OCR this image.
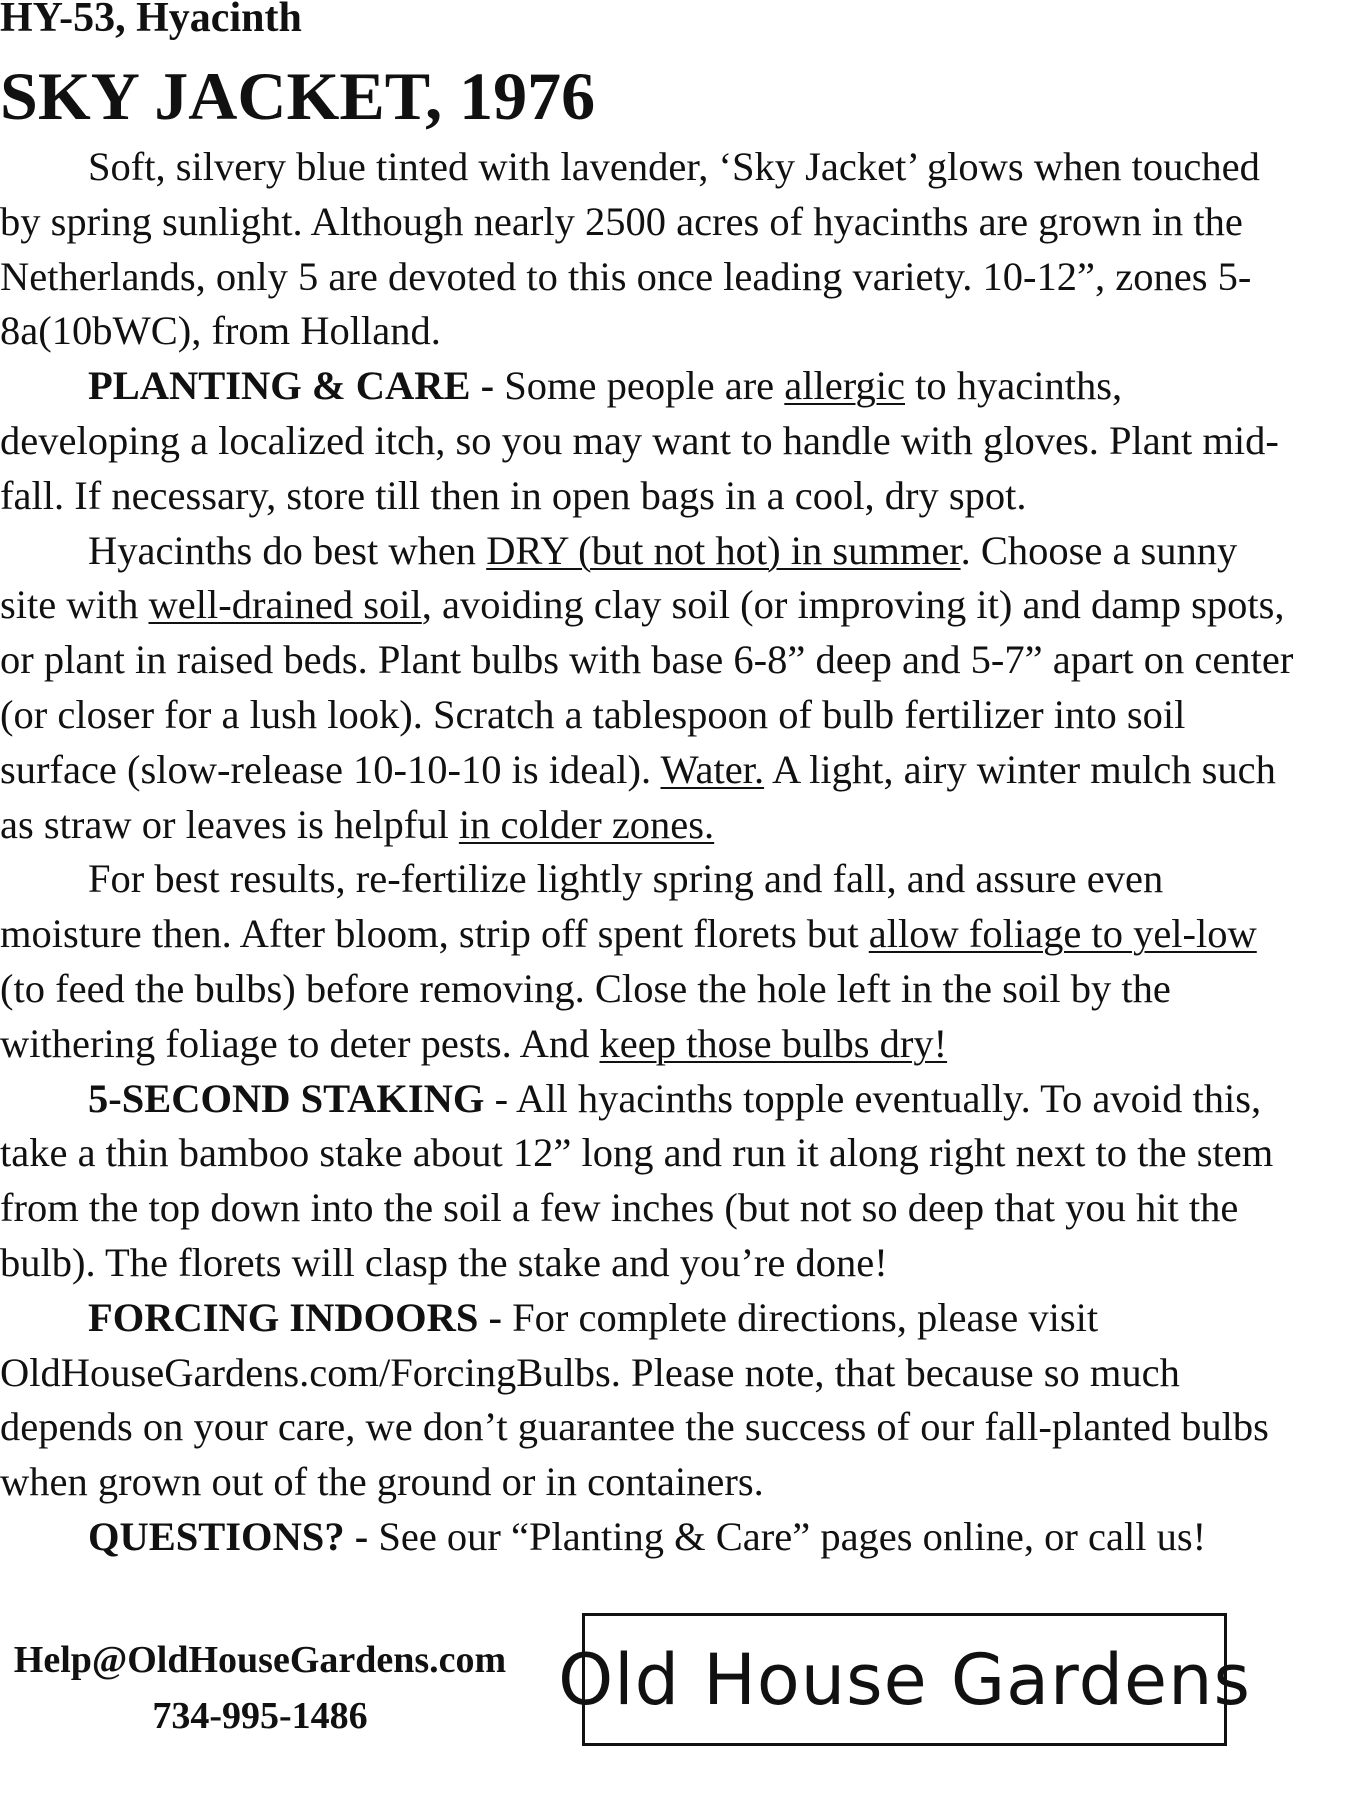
HY-53, Hyacinth
SKY JACKET, 1976

Soft, silvery blue tinted with lavender, ‘Sky Jacket’ glows when touched by spring sunlight. Although nearly 2500 acres of hyacinths are grown in the Netherlands, only 5 are devoted to this once leading variety. 10-12”, zones 5-8a(10bWC), from Holland.

PLANTING & CARE - Some people are allergic to hyacinths, developing a localized itch, so you may want to handle with gloves. Plant mid-fall. If necessary, store till then in open bags in a cool, dry spot.

Hyacinths do best when DRY (but not hot) in summer. Choose a sunny site with well-drained soil, avoiding clay soil (or improving it) and damp spots, or plant in raised beds. Plant bulbs with base 6-8” deep and 5-7” apart on center (or closer for a lush look). Scratch a tablespoon of bulb fertilizer into soil surface (slow-release 10-10-10 is ideal). Water. A light, airy winter mulch such as straw or leaves is helpful in colder zones.

For best results, re-fertilize lightly spring and fall, and assure even moisture then. After bloom, strip off spent florets but allow foliage to yel-low (to feed the bulbs) before removing. Close the hole left in the soil by the withering foliage to deter pests. And keep those bulbs dry!

5-SECOND STAKING - All hyacinths topple eventually. To avoid this, take a thin bamboo stake about 12” long and run it along right next to the stem from the top down into the soil a few inches (but not so deep that you hit the bulb). The florets will clasp the stake and you’re done!

FORCING INDOORS - For complete directions, please visit OldHouseGardens.com/ForcingBulbs. Please note, that because so much depends on your care, we don’t guarantee the success of our fall-planted bulbs when grown out of the ground or in containers.

QUESTIONS? - See our “Planting & Care” pages online, or call us!

Help@OldHouseGardens.com
734-995-1486	Old House Gardens
